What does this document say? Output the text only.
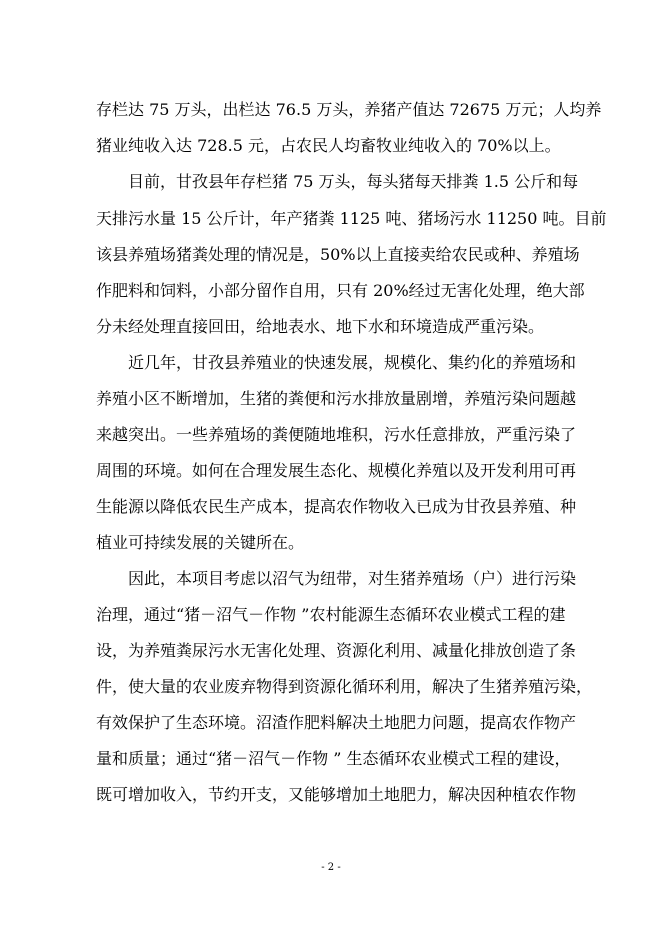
存栏达 75 万头，出栏达 76.5 万头，养猪产值达 72675 万元；人均养
猪业纯收入达 728.5 元，占农民人均畜牧业纯收入的 70%以上。
目前，甘孜县年存栏猪 75 万头，每头猪每天排粪 1.5 公斤和每
天排污水量 15 公斤计，年产猪粪 1125 吨、猪场污水 11250 吨。目前
该县养殖场猪粪处理的情况是，50%以上直接卖给农民或种、养殖场
作肥料和饲料，小部分留作自用，只有 20%经过无害化处理，绝大部
分未经处理直接回田，给地表水、地下水和环境造成严重污染。
近几年，甘孜县养殖业的快速发展，规模化、集约化的养殖场和
养殖小区不断增加，生猪的粪便和污水排放量剧增，养殖污染问题越
来越突出。一些养殖场的粪便随地堆积，污水任意排放，严重污染了
周围的环境。如何在合理发展生态化、规模化养殖以及开发利用可再
生能源以降低农民生产成本，提高农作物收入已成为甘孜县养殖、种
植业可持续发展的关键所在。
因此，本项目考虑以沼气为纽带，对生猪养殖场（户）进行污染
治理，通过“猪－沼气－作物 ”农村能源生态循环农业模式工程的建
设，为养殖粪尿污水无害化处理、资源化利用、减量化排放创造了条
件，使大量的农业废弃物得到资源化循环利用，解决了生猪养殖污染，
有效保护了生态环境。沼渣作肥料解决土地肥力问题，提高农作物产
量和质量；通过“猪－沼气－作物 ” 生态循环农业模式工程的建设，
既可增加收入，节约开支，又能够增加土地肥力，解决因种植农作物
- 2 -
